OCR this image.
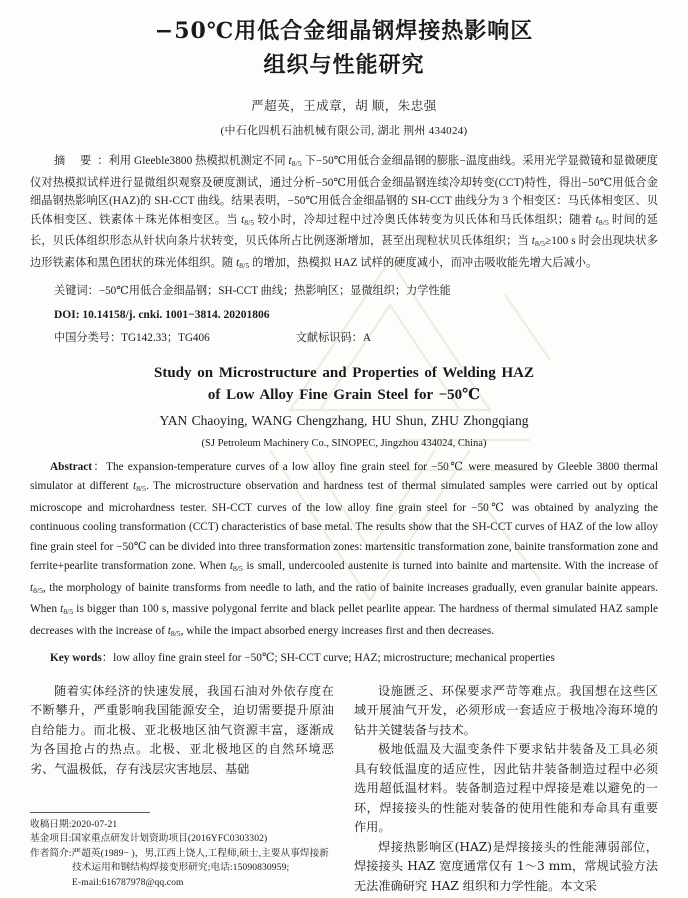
−50℃用低合金细晶钢焊接热影响区
组织与性能研究
严超英，王成章，胡 顺，朱忠强
(中石化四机石油机械有限公司, 湖北 荆州 434024)
摘 要：利用 Gleeble3800 热模拟机测定不同 $t_{8/5}$ 下−50℃用低合金细晶钢的膨胀−温度曲线。采用光学显微镜和显微硬度仪对热模拟试样进行显微组织观察及硬度测试，通过分析−50℃用低合金细晶钢连续冷却转变(CCT)特性，得出−50℃用低合金细晶钢热影响区(HAZ)的 SH-CCT 曲线。结果表明，−50℃用低合金细晶钢的 SH-CCT 曲线分为 3 个相变区：马氏体相变区、贝氏体相变区、铁素体＋珠光体相变区。当 $t_{8/5}$ 较小时，冷却过程中过冷奥氏体转变为贝氏体和马氏体组织；随着 $t_{8/5}$ 时间的延长，贝氏体组织形态从针状向条片状转变，贝氏体所占比例逐渐增加，甚至出现粒状贝氏体组织；当 $t_{8/5}\ge 100$ s 时会出现块状多边形铁素体和黑色团状的珠光体组织。随 $t_{8/5}$ 的增加，热模拟 HAZ 试样的硬度减小，而冲击吸收能先增大后减小。
关键词：−50℃用低合金细晶钢；SH-CCT 曲线；热影响区；显微组织；力学性能
DOI: 10.14158/j. cnki. 1001−3814. 20201806
中国分类号：TG142.33；TG406	文献标识码：A
Study on Microstructure and Properties of Welding HAZ
of Low Alloy Fine Grain Steel for −50℃
YAN Chaoying, WANG Chengzhang, HU Shun, ZHU Zhongqiang
(SJ Petroleum Machinery Co., SINOPEC, Jingzhou 434024, China)
Abstract：The expansion-temperature curves of a low alloy fine grain steel for −50℃ were measured by Gleeble 3800 thermal simulator at different $t_{8/5}$. The microstructure observation and hardness test of thermal simulated samples were carried out by optical microscope and microhardness tester. SH-CCT curves of the low alloy fine grain steel for −50℃ was obtained by analyzing the continuous cooling transformation (CCT) characteristics of base metal. The results show that the SH-CCT curves of HAZ of the low alloy fine grain steel for −50℃ can be divided into three transformation zones: martensitic transformation zone, bainite transformation zone and ferrite+pearlite transformation zone. When $t_{8/5}$ is small, undercooled austenite is turned into bainite and martensite. With the increase of $t_{8/5}$, the morphology of bainite transforms from needle to lath, and the ratio of bainite increases gradually, even granular bainite appears. When $t_{8/5}$ is bigger than 100 s, massive polygonal ferrite and black pellet pearlite appear. The hardness of thermal simulated HAZ sample decreases with the increase of $t_{8/5}$, while the impact absorbed energy increases first and then decreases.
Key words：low alloy fine grain steel for −50℃; SH-CCT curve; HAZ; microstructure; mechanical properties

随着实体经济的快速发展，我国石油对外依存度在不断攀升，严重影响我国能源安全，迫切需要提升原油自给能力。而北极、亚北极地区油气资源丰富，逐渐成为各国抢占的热点。北极、亚北极地区的自然环境恶劣、气温极低，存有浅层灾害地层、基础

设施匮乏、环保要求严苛等难点。我国想在这些区域开展油气开发，必须形成一套适应于极地冷海环境的钻井关键装备与技术。

极地低温及大温变条件下要求钻井装备及工具必须具有较低温度的适应性，因此钻井装备制造过程中必须选用超低温材料。装备制造过程中焊接是难以避免的一环，焊接接头的性能对装备的使用性能和寿命具有重要作用。

焊接热影响区(HAZ)是焊接接头的性能薄弱部位，焊接接头 HAZ 宽度通常仅有 1～3 mm，常规试验方法无法准确研究 HAZ 组织和力学性能。本文采

收稿日期:2020-07-21
基金项目:国家重点研发计划资助项目(2016YFC0303302)
作者简介:严超英(1989− )，男,江西上饶人,工程师,硕士,主要从事焊接新
技术运用和钢结构焊接变形研究;电话:15090830959;
E-mail:616787978@qq.com
